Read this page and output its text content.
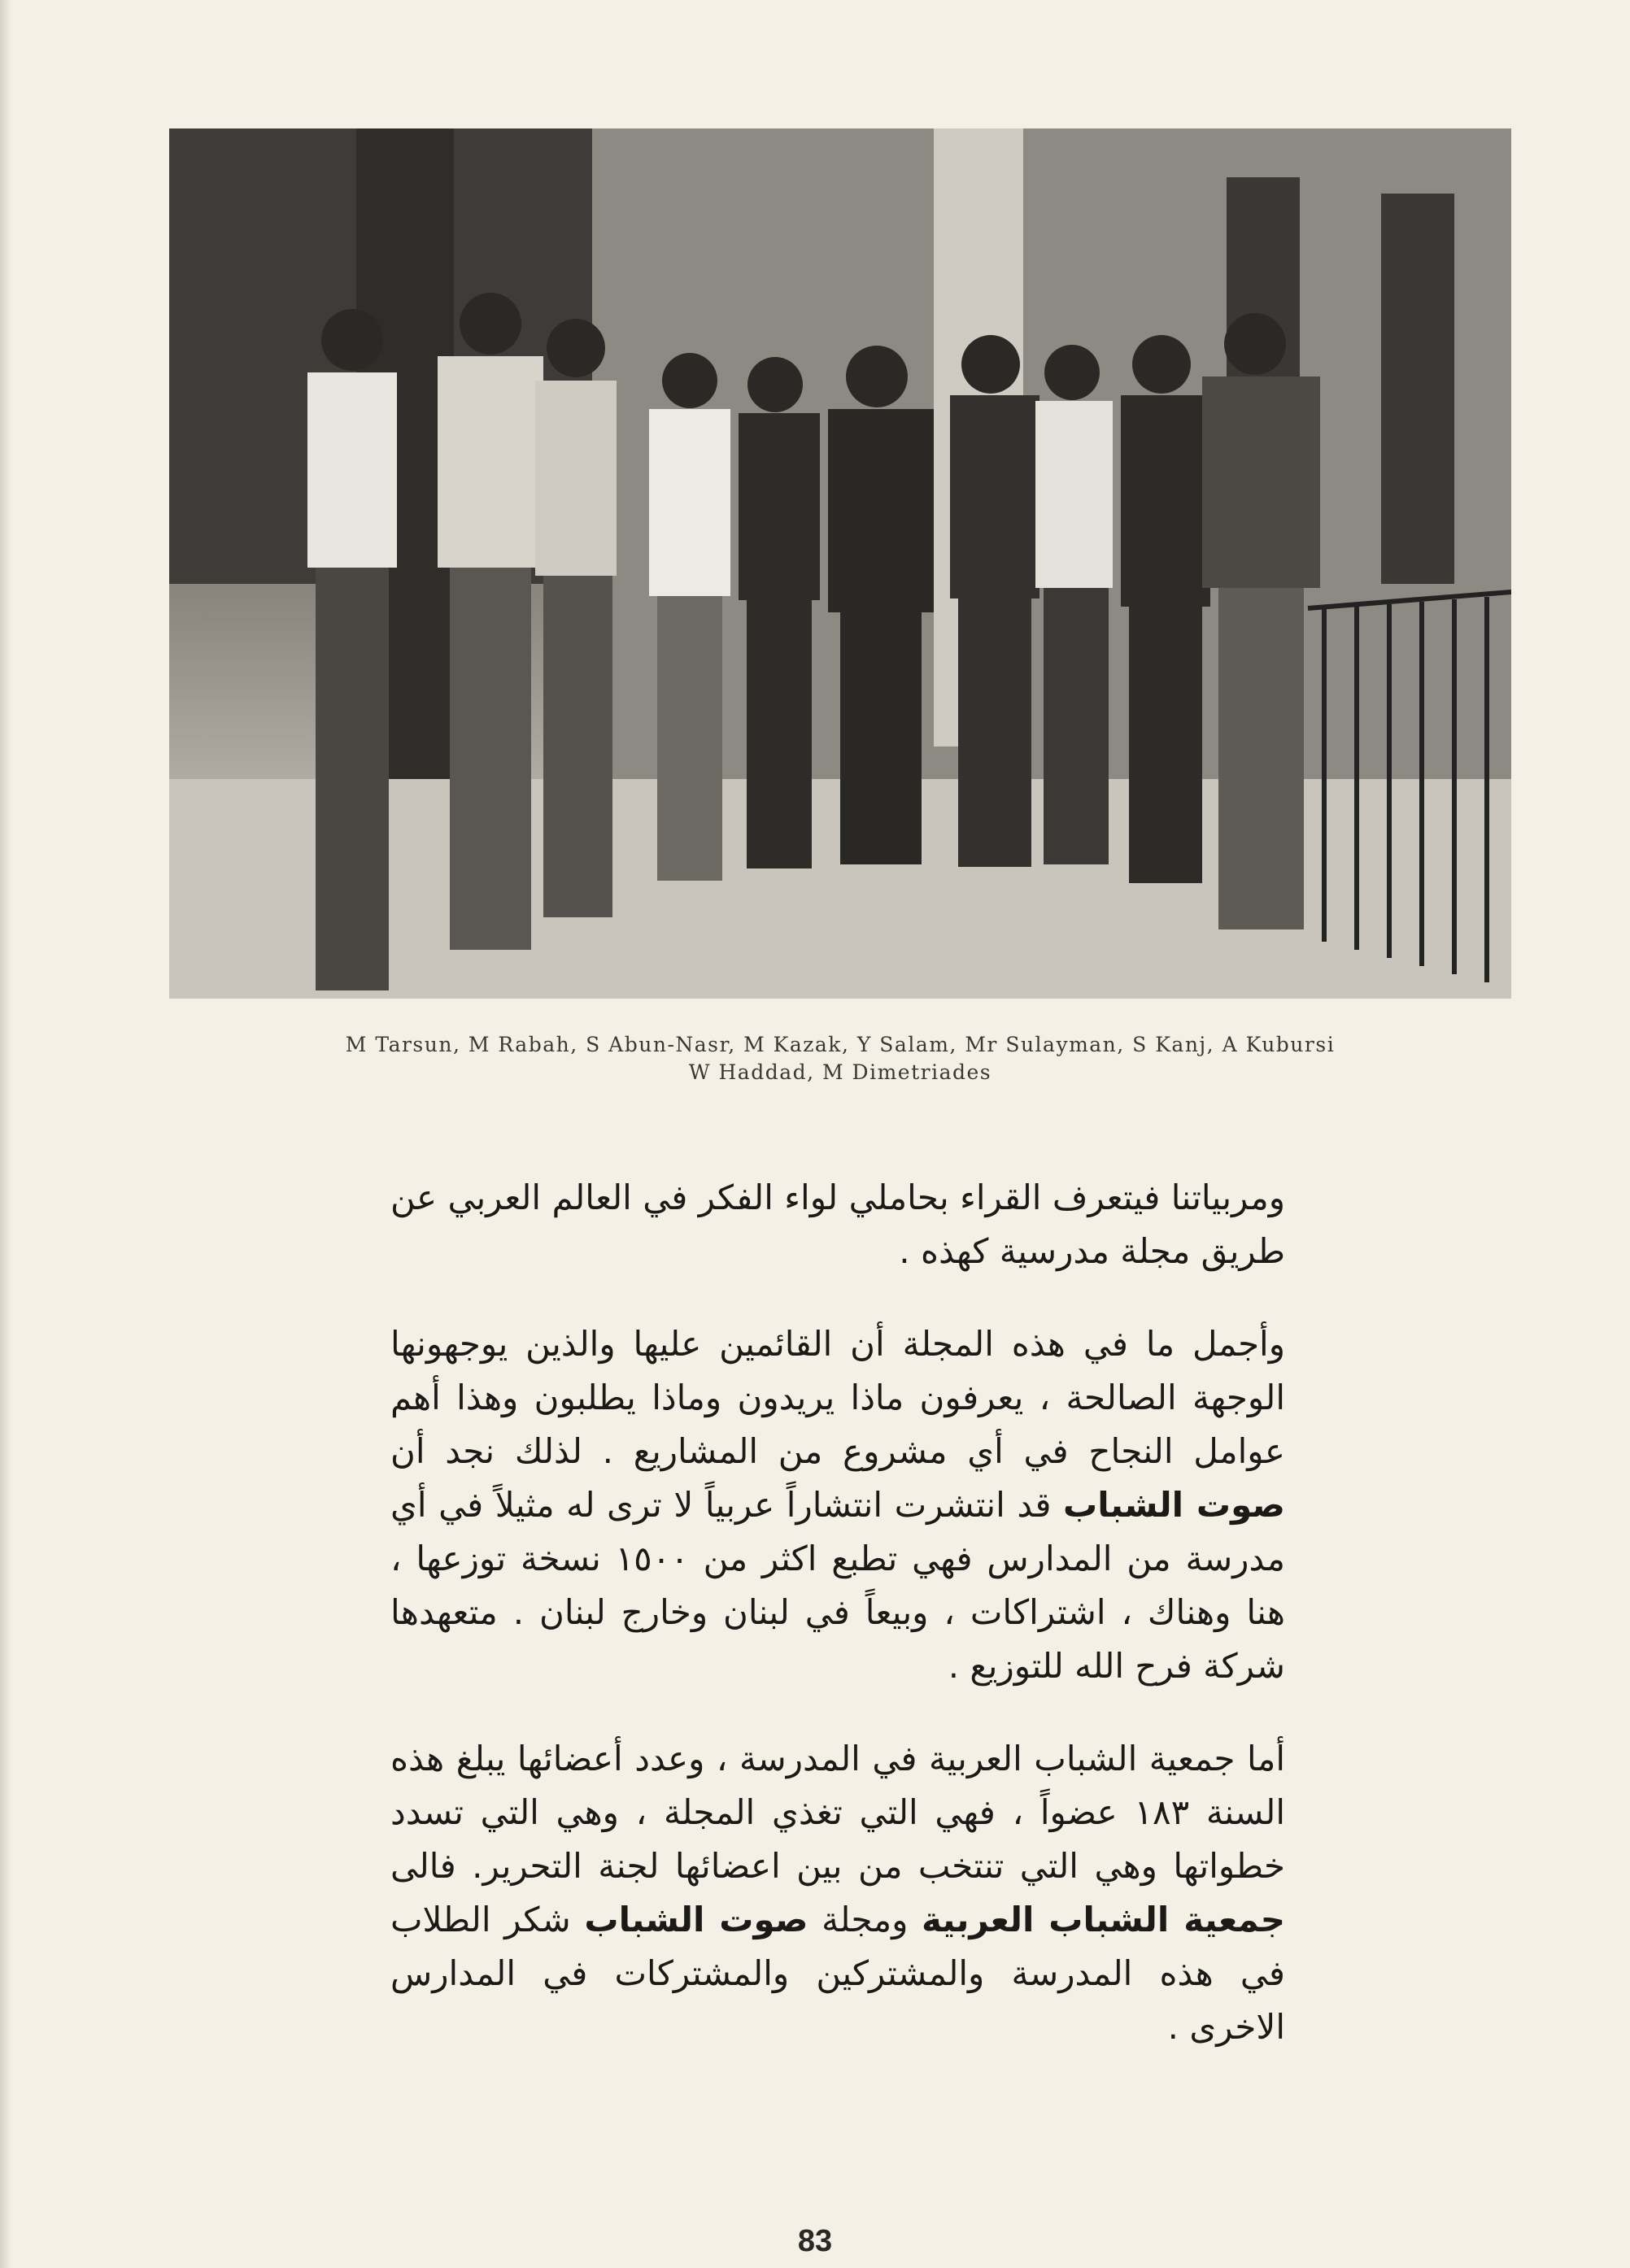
M Tarsun, M Rabah, S Abun-Nasr, M Kazak, Y Salam, Mr Sulayman, S Kanj, A Kubursi
W Haddad, M Dimetriades

ومربياتنا فيتعرف القراء بحاملي لواء الفكر في العالم العربي عن طريق مجلة مدرسية كهذه .

وأجمل ما في هذه المجلة أن القائمين عليها والذين يوجهونها الوجهة الصالحة ، يعرفون ماذا يريدون وماذا يطلبون وهذا أهم عوامل النجاح في أي مشروع من المشاريع . لذلك نجد أن صوت الشباب قد انتشرت انتشاراً عربياً لا ترى له مثيلاً في أي مدرسة من المدارس فهي تطبع اكثر من ١٥٠٠ نسخة توزعها ، هنا وهناك ، اشتراكات ، وبيعاً في لبنان وخارج لبنان . متعهدها شركة فرح الله للتوزيع .

أما جمعية الشباب العربية في المدرسة ، وعدد أعضائها يبلغ هذه السنة ١٨٣ عضواً ، فهي التي تغذي المجلة ، وهي التي تسدد خطواتها وهي التي تنتخب من بين اعضائها لجنة التحرير. فالى جمعية الشباب العربية ومجلة صوت الشباب شكر الطلاب في هذه المدرسة والمشتركين والمشتركات في المدارس الاخرى .

83
